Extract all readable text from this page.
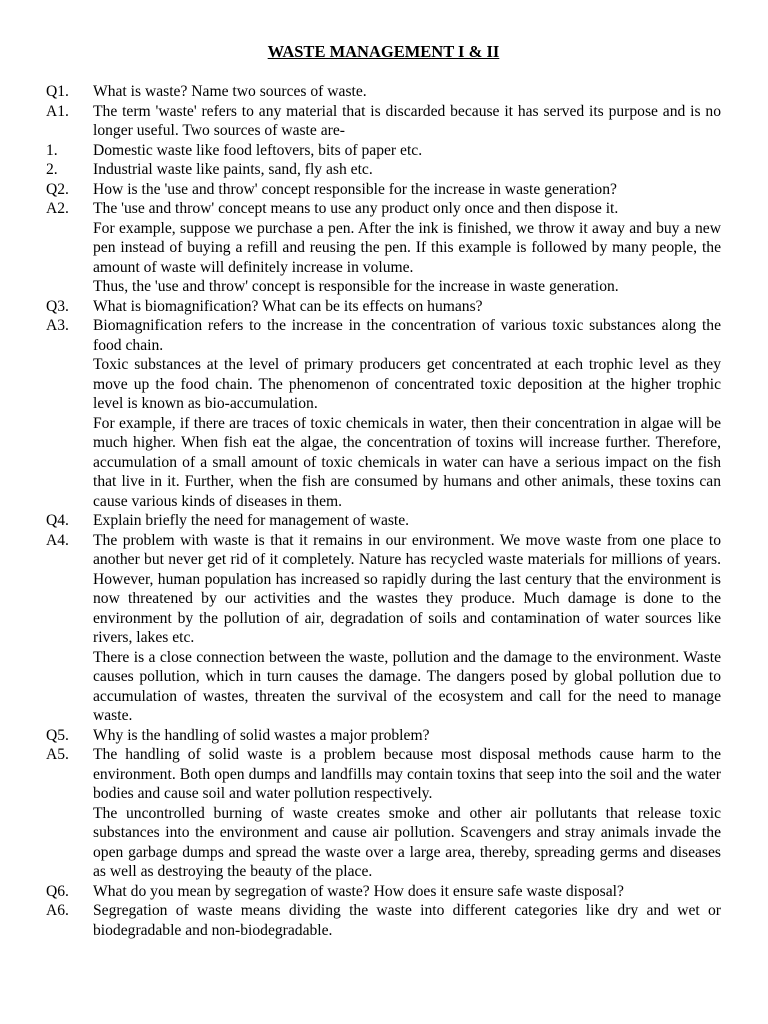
WASTE MANAGEMENT I & II
Q1.	What is waste? Name two sources of waste.

A1.	The term 'waste' refers to any material that is discarded because it has served its purpose and is no longer useful. Two sources of waste are-

1.	Domestic waste like food leftovers, bits of paper etc.

2.	Industrial waste like paints, sand, fly ash etc.

Q2.	How is the 'use and throw' concept responsible for the increase in waste generation?

A2.	The 'use and throw' concept means to use any product only once and then dispose it.

For example, suppose we purchase a pen. After the ink is finished, we throw it away and buy a new pen instead of buying a refill and reusing the pen. If this example is followed by many people, the amount of waste will definitely increase in volume.

Thus, the 'use and throw' concept is responsible for the increase in waste generation.

Q3.	What is biomagnification? What can be its effects on humans?

A3.	Biomagnification refers to the increase in the concentration of various toxic substances along the food chain.

Toxic substances at the level of primary producers get concentrated at each trophic level as they move up the food chain. The phenomenon of concentrated toxic deposition at the higher trophic level is known as bio-accumulation.

For example, if there are traces of toxic chemicals in water, then their concentration in algae will be much higher. When fish eat the algae, the concentration of toxins will increase further. Therefore, accumulation of a small amount of toxic chemicals in water can have a serious impact on the fish that live in it. Further, when the fish are consumed by humans and other animals, these toxins can cause various kinds of diseases in them.

Q4.	Explain briefly the need for management of waste.

A4.	The problem with waste is that it remains in our environment. We move waste from one place to another but never get rid of it completely. Nature has recycled waste materials for millions of years. However, human population has increased so rapidly during the last century that the environment is now threatened by our activities and the wastes they produce. Much damage is done to the environment by the pollution of air, degradation of soils and contamination of water sources like rivers, lakes etc.

There is a close connection between the waste, pollution and the damage to the environment. Waste causes pollution, which in turn causes the damage. The dangers posed by global pollution due to accumulation of wastes, threaten the survival of the ecosystem and call for the need to manage waste.

Q5.	Why is the handling of solid wastes a major problem?

A5.	The handling of solid waste is a problem because most disposal methods cause harm to the environment. Both open dumps and landfills may contain toxins that seep into the soil and the water bodies and cause soil and water pollution respectively.

The uncontrolled burning of waste creates smoke and other air pollutants that release toxic substances into the environment and cause air pollution. Scavengers and stray animals invade the open garbage dumps and spread the waste over a large area, thereby, spreading germs and diseases as well as destroying the beauty of the place.

Q6.	What do you mean by segregation of waste? How does it ensure safe waste disposal?

A6.	Segregation of waste means dividing the waste into different categories like dry and wet or biodegradable and non-biodegradable.
